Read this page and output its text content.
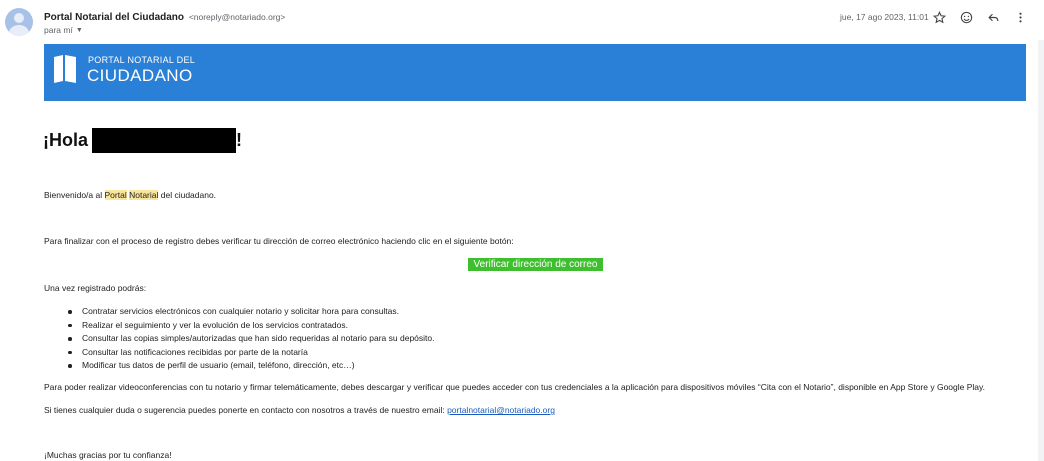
Portal Notarial del Ciudadano <noreply@notariado.org>
para mí ▼
jue, 17 ago 2023, 11:01
PORTAL NOTARIAL DEL
CIUDADANO
¡Hola	!
Bienvenido/a al Portal Notarial del ciudadano.
Para finalizar con el proceso de registro debes verificar tu dirección de correo electrónico haciendo clic en el siguiente botón:
Verificar dirección de correo
Una vez registrado podrás:
Contratar servicios electrónicos con cualquier notario y solicitar hora para consultas.
Realizar el seguimiento y ver la evolución de los servicios contratados.
Consultar las copias simples/autorizadas que han sido requeridas al notario para su depósito.
Consultar las notificaciones recibidas por parte de la notaría
Modificar tus datos de perfil de usuario (email, teléfono, dirección, etc…)
Para poder realizar videoconferencias con tu notario y firmar telemáticamente, debes descargar y verificar que puedes acceder con tus credenciales a la aplicación para dispositivos móviles “Cita con el Notario”, disponible en App Store y Google Play.
Si tienes cualquier duda o sugerencia puedes ponerte en contacto con nosotros a través de nuestro email: portalnotarial@notariado.org
¡Muchas gracias por tu confianza!
